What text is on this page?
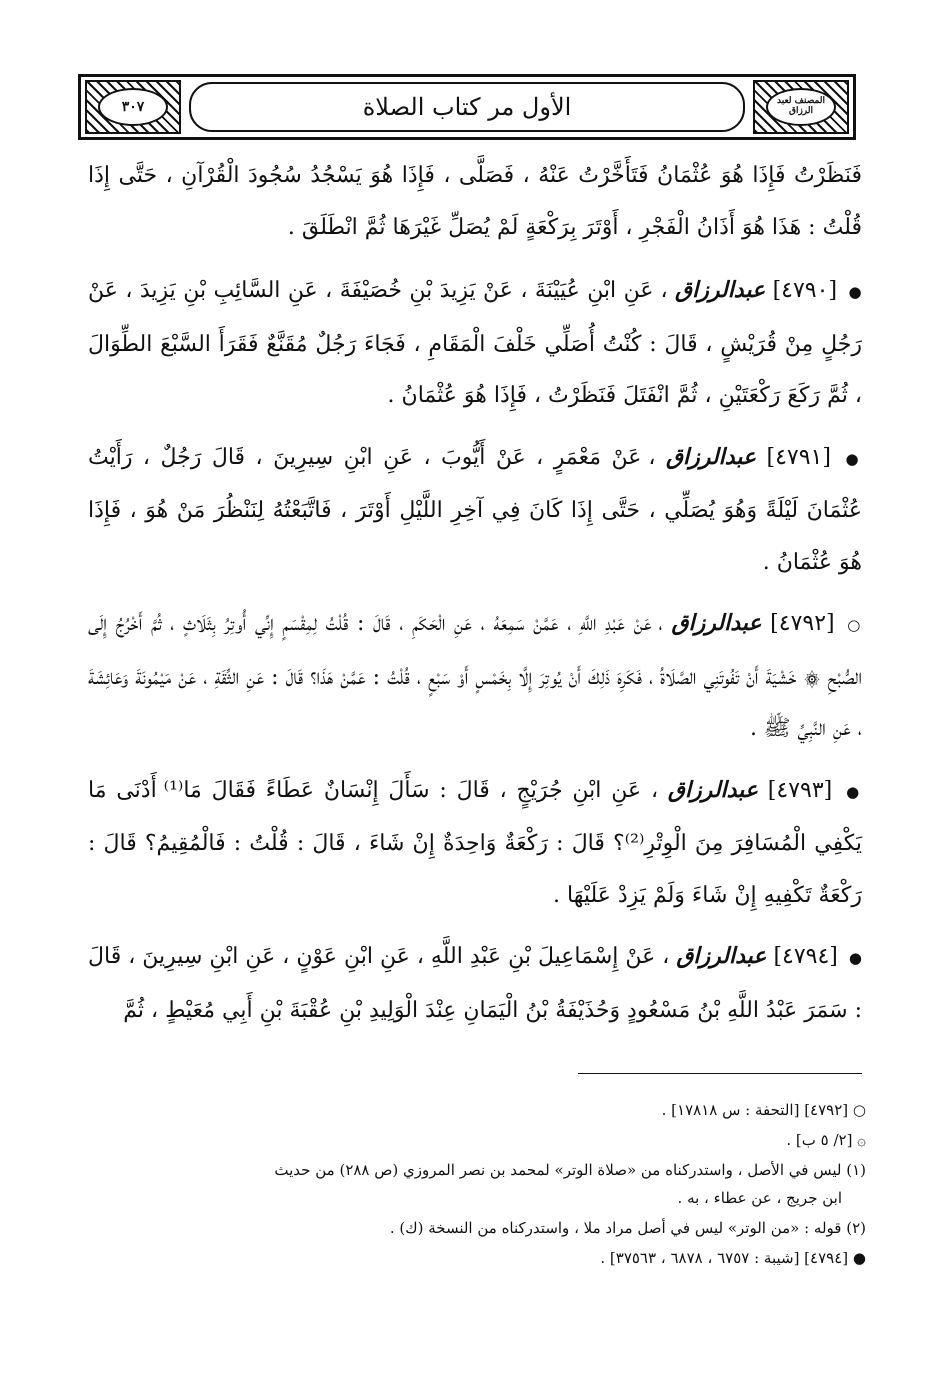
٣٠٧	الأول مر كتاب الصلاة	المصنف لعبد الرزاق

فَنَظَرْتُ فَإِذَا هُوَ عُثْمَانُ فَتَأَخَّرْتُ عَنْهُ ، فَصَلَّى ، فَإِذَا هُوَ يَسْجُدُ سُجُودَ الْقُرْآنِ ، حَتَّى إِذَا قُلْتُ : هَذَا هُوَ أَذَانُ الْفَجْرِ ، أَوْتَرَ بِرَكْعَةٍ لَمْ يُصَلِّ غَيْرَهَا ثُمَّ انْطَلَقَ .

● [٤٧٩٠] عبدالرزاق ، عَنِ ابْنِ عُيَيْنَةَ ، عَنْ يَزِيدَ بْنِ خُصَيْفَةَ ، عَنِ السَّائِبِ بْنِ يَزِيدَ ، عَنْ رَجُلٍ مِنْ قُرَيْشٍ ، قَالَ : كُنْتُ أُصَلِّي خَلْفَ الْمَقَامِ ، فَجَاءَ رَجُلٌ مُقَنَّعٌ فَقَرَأَ السَّبْعَ الطِّوَالَ ، ثُمَّ رَكَعَ رَكْعَتَيْنِ ، ثُمَّ انْفَتَلَ فَنَظَرْتُ ، فَإِذَا هُوَ عُثْمَانُ .

● [٤٧٩١] عبدالرزاق ، عَنْ مَعْمَرٍ ، عَنْ أَيُّوبَ ، عَنِ ابْنِ سِيرِينَ ، قَالَ رَجُلٌ ، رَأَيْتُ عُثْمَانَ لَيْلَةً وَهُوَ يُصَلِّي ، حَتَّى إِذَا كَانَ فِي آخِرِ اللَّيْلِ أَوْتَرَ ، فَاتَّبَعْتُهُ لِنَنْظُرَ مَنْ هُوَ ، فَإِذَا هُوَ عُثْمَانُ .

○ [٤٧٩٢] عبدالرزاق ، عَنْ عَبْدِ اللَّهِ ، عَمَّنْ سَمِعَهُ ، عَنِ الْحَكَمِ ، قَالَ : قُلْتُ لِمِقْسَمٍ إِنِّي أُوتِرُ بِثَلَاثٍ ، ثُمَّ أَخْرُجُ إِلَى الصُّبْحِ ۞ خَشْيَةَ أَنْ تَفُوتَنِي الصَّلَاةُ ، فَكَرِهَ ذَلِكَ أَنْ يُوتِرَ إِلَّا بِخَمْسٍ أَوْ سَبْعٍ ، قُلْتُ : عَمَّنْ هَذَا؟ قَالَ : عَنِ الثِّقَةِ ، عَنْ مَيْمُونَةَ وَعَائِشَةَ ، عَنِ النَّبِيِّ ﷺ .

● [٤٧٩٣] عبدالرزاق ، عَنِ ابْنِ جُرَيْجٍ ، قَالَ : سَأَلَ إِنْسَانٌ عَطَاءً فَقَالَ مَا⁽¹⁾ أَدْنَى مَا يَكْفِي الْمُسَافِرَ مِنَ الْوِتْرِ⁽²⁾؟ قَالَ : رَكْعَةٌ وَاحِدَةٌ إِنْ شَاءَ ، قَالَ : قُلْتُ : فَالْمُقِيمُ؟ قَالَ : رَكْعَةٌ تَكْفِيهِ إِنْ شَاءَ وَلَمْ يَزِدْ عَلَيْهَا .

● [٤٧٩٤] عبدالرزاق ، عَنْ إِسْمَاعِيلَ بْنِ عَبْدِ اللَّهِ ، عَنِ ابْنِ عَوْنٍ ، عَنِ ابْنِ سِيرِينَ ، قَالَ : سَمَرَ عَبْدُ اللَّهِ بْنُ مَسْعُودٍ وَحُذَيْفَةُ بْنُ الْيَمَانِ عِنْدَ الْوَلِيدِ بْنِ عُقْبَةَ بْنِ أَبِي مُعَيْطٍ ، ثُمَّ

○ [٤٧٩٢] [التحفة : س ١٧٨١٨] .
۞ [٢/ ٥ ب] .
(١) ليس في الأصل ، واستدركناه من «صلاة الوتر» لمحمد بن نصر المروزي (ص ٢٨٨) من حديث
ابن جريج ، عن عطاء ، به .
(٢) قوله : «من الوتر» ليس في أصل مراد ملا ، واستدركناه من النسخة (ك) .
● [٤٧٩٤] [شيبة : ٦٧٥٧ ، ٦٨٧٨ ، ٣٧٥٦٣] .
